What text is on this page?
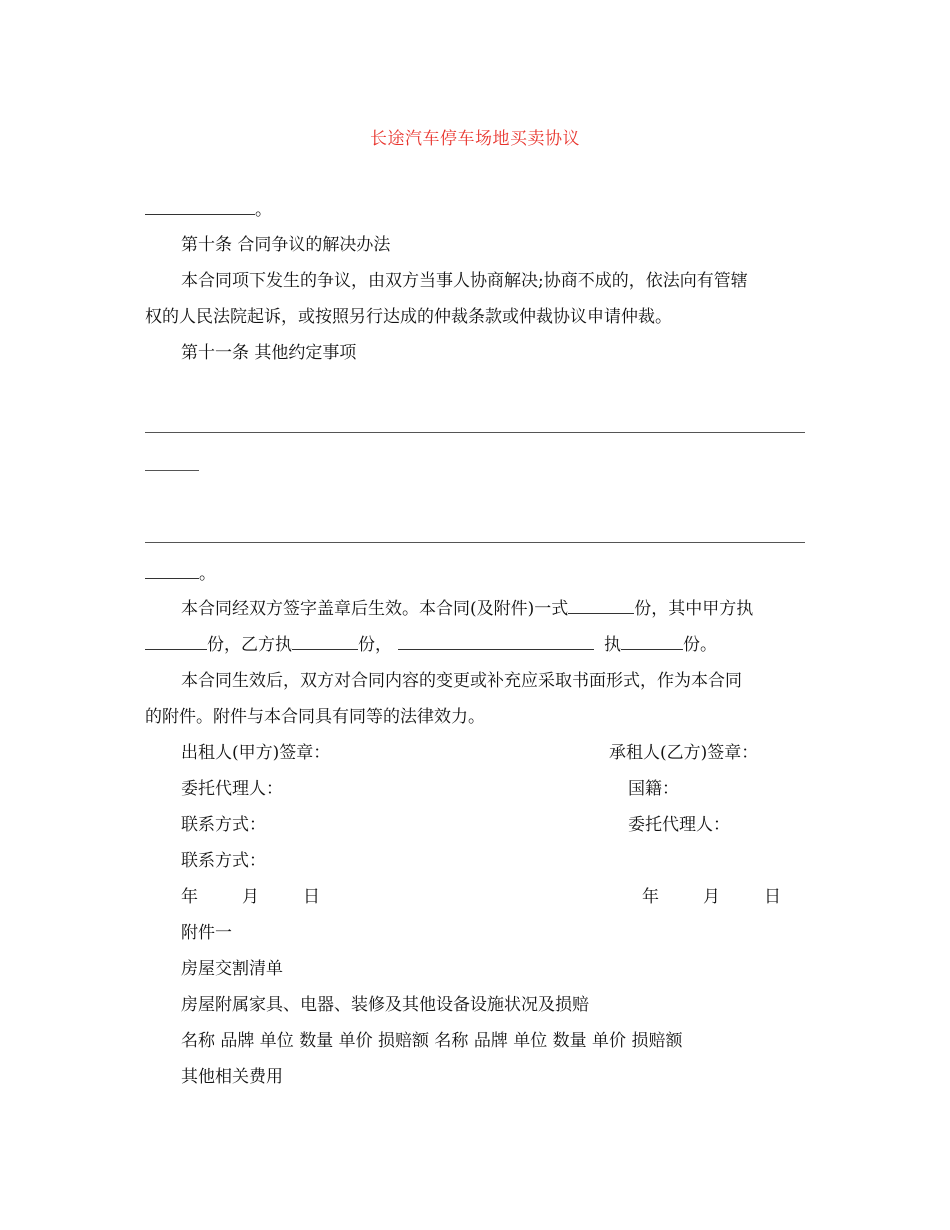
长途汽车停车场地买卖协议
。
第十条 合同争议的解决办法
本合同项下发生的争议，由双方当事人协商解决;协商不成的，依法向有管辖
权的人民法院起诉，或按照另行达成的仲裁条款或仲裁协议申请仲裁。
第十一条 其他约定事项
。
本合同经双方签字盖章后生效。本合同(及附件)一式	份，其中甲方执
份，乙方执	份，	执	份。
本合同生效后，双方对合同内容的变更或补充应采取书面形式，作为本合同
的附件。附件与本合同具有同等的法律效力。
出租人(甲方)签章：	承租人(乙方)签章：
委托代理人：	国籍：
联系方式：	委托代理人：
联系方式：
年	月	日	年	月	日
附件一
房屋交割清单
房屋附属家具、电器、装修及其他设备设施状况及损赔
名称 品牌 单位 数量 单价 损赔额 名称 品牌 单位 数量 单价 损赔额
其他相关费用
